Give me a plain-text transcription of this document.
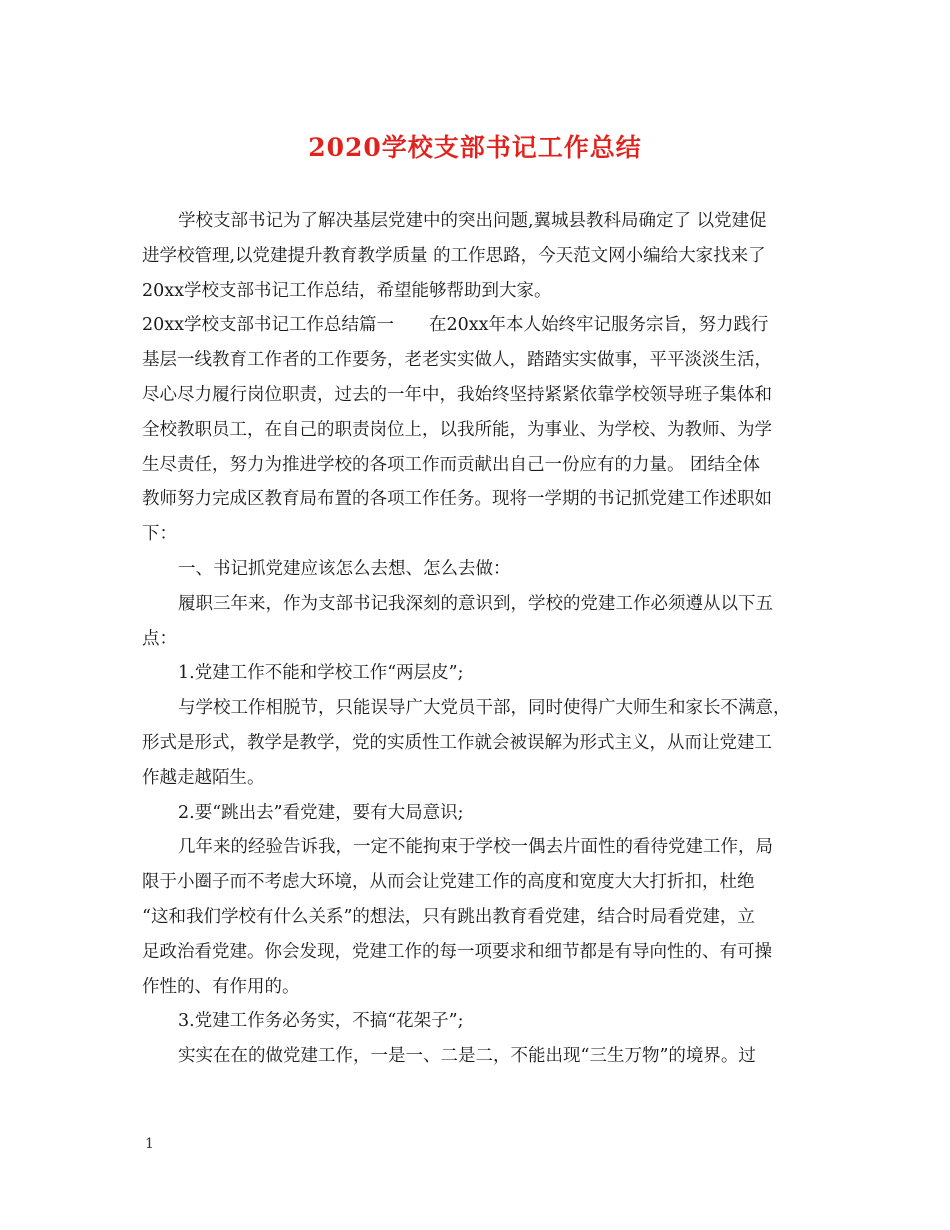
2020学校支部书记工作总结

学校支部书记为了解决基层党建中的突出问题,翼城县教科局确定了 以党建促

进学校管理,以党建提升教育教学质量 的工作思路，今天范文网小编给大家找来了

20xx学校支部书记工作总结，希望能够帮助到大家。

20xx学校支部书记工作总结篇一　　在20xx年本人始终牢记服务宗旨，努力践行

基层一线教育工作者的工作要务，老老实实做人，踏踏实实做事，平平淡淡生活，

尽心尽力履行岗位职责，过去的一年中，我始终坚持紧紧依靠学校领导班子集体和

全校教职员工，在自己的职责岗位上，以我所能，为事业、为学校、为教师、为学

生尽责任，努力为推进学校的各项工作而贡献出自己一份应有的力量。 团结全体

教师努力完成区教育局布置的各项工作任务。现将一学期的书记抓党建工作述职如

下：

一、书记抓党建应该怎么去想、怎么去做：

履职三年来，作为支部书记我深刻的意识到，学校的党建工作必须遵从以下五

点：

1.党建工作不能和学校工作“两层皮”;

与学校工作相脱节，只能误导广大党员干部，同时使得广大师生和家长不满意，

形式是形式，教学是教学，党的实质性工作就会被误解为形式主义，从而让党建工

作越走越陌生。

2.要“跳出去”看党建，要有大局意识;

几年来的经验告诉我，一定不能拘束于学校一偶去片面性的看待党建工作，局

限于小圈子而不考虑大环境，从而会让党建工作的高度和宽度大大打折扣，杜绝

“这和我们学校有什么关系”的想法，只有跳出教育看党建，结合时局看党建，立

足政治看党建。你会发现，党建工作的每一项要求和细节都是有导向性的、有可操

作性的、有作用的。

3.党建工作务必务实，不搞“花架子”;

实实在在的做党建工作，一是一、二是二，不能出现“三生万物”的境界。过

1
